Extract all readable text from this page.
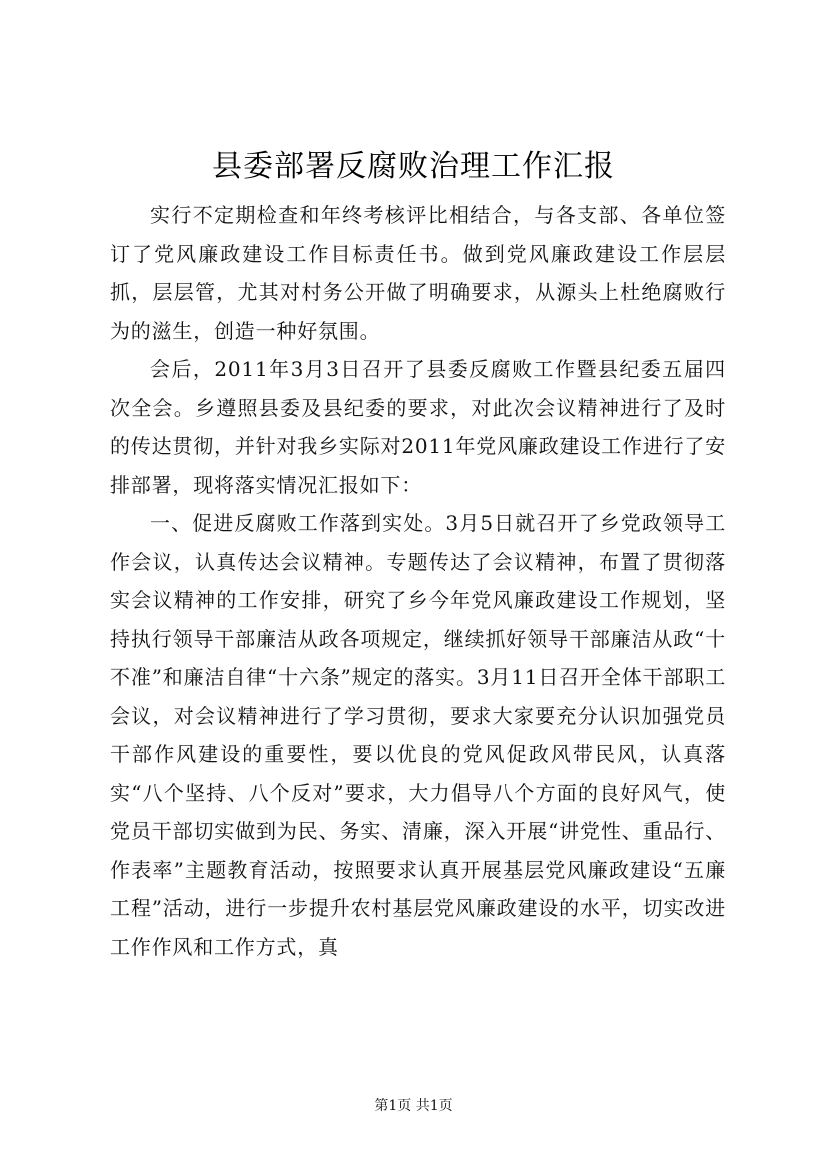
县委部署反腐败治理工作汇报

实行不定期检查和年终考核评比相结合，与各支部、各单位签订了党风廉政建设工作目标责任书。做到党风廉政建设工作层层抓，层层管，尤其对村务公开做了明确要求，从源头上杜绝腐败行为的滋生，创造一种好氛围。

会后，2011年3月3日召开了县委反腐败工作暨县纪委五届四次全会。乡遵照县委及县纪委的要求，对此次会议精神进行了及时的传达贯彻，并针对我乡实际对2011年党风廉政建设工作进行了安排部署，现将落实情况汇报如下：

一、促进反腐败工作落到实处。3月5日就召开了乡党政领导工作会议，认真传达会议精神。专题传达了会议精神，布置了贯彻落实会议精神的工作安排，研究了乡今年党风廉政建设工作规划，坚持执行领导干部廉洁从政各项规定，继续抓好领导干部廉洁从政“十不准”和廉洁自律“十六条”规定的落实。3月11日召开全体干部职工会议，对会议精神进行了学习贯彻，要求大家要充分认识加强党员干部作风建设的重要性，要以优良的党风促政风带民风，认真落实“八个坚持、八个反对”要求，大力倡导八个方面的良好风气，使党员干部切实做到为民、务实、清廉，深入开展“讲党性、重品行、作表率”主题教育活动，按照要求认真开展基层党风廉政建设“五廉工程”活动，进行一步提升农村基层党风廉政建设的水平，切实改进工作作风和工作方式，真

第1页 共1页
